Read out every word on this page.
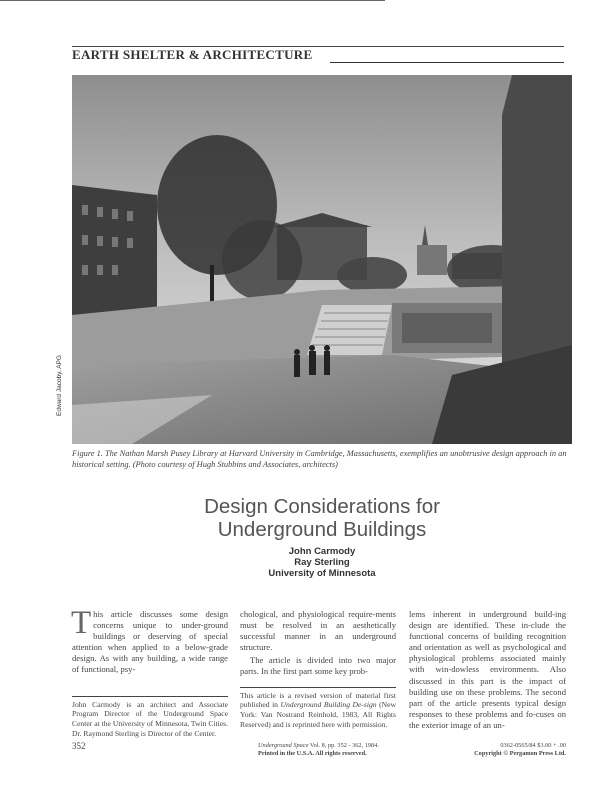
EARTH SHELTER & ARCHITECTURE
Edward Jacoby, APG
Figure 1. The Nathan Marsh Pusey Library at Harvard University in Cambridge, Massachusetts, exemplifies an unobtrusive design approach in an historical setting. (Photo courtesy of Hugh Stubbins and Associates, architects)
Design Considerations for
Underground Buildings
John Carmody
Ray Sterling
University of Minnesota

This article discusses some design concerns unique to under-ground buildings or deserving of special attention when applied to a below-grade design. As with any building, a wide range of functional, psy-

John Carmody is an architect and Associate Program Director of the Underground Space Center at the University of Minnesota, Twin Cities. Dr. Raymond Sterling is Director of the Center.

chological, and physiological require-ments must be resolved in an aesthetically successful manner in an underground structure.

The article is divided into two major parts. In the first part some key prob-

This article is a revised version of material first published in Underground Building De-sign (New York: Van Nostrand Reinhold, 1983, All Rights Reserved) and is reprinted here with permission.

lems inherent in underground build-ing design are identified. These in-clude the functional concerns of building recognition and orientation as well as psychological and physiological problems associated mainly with win-dowless environments. Also discussed in this part is the impact of building use on these problems. The second part of the article presents typical design responses to these problems and fo-cuses on the exterior image of an un-

352	Underground Space Vol. 8, pp. 352 - 362, 1984.
Printed in the U.S.A. All rights reserved.
0362-0565/84 $3.00 + .00
Copyright © Pergamon Press Ltd.
